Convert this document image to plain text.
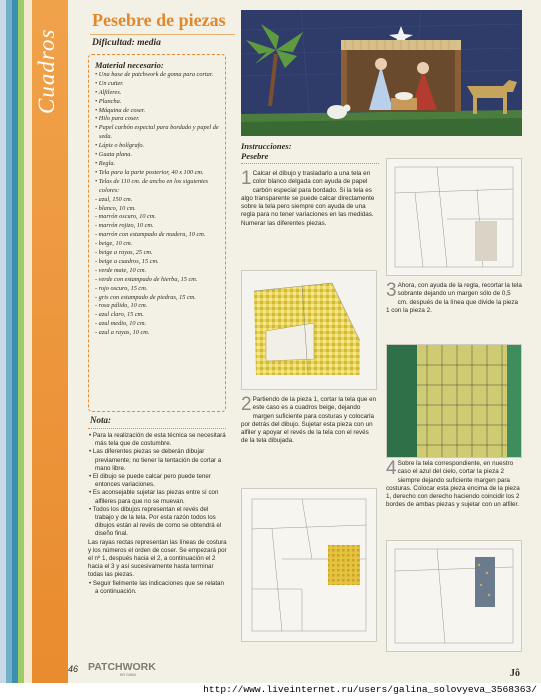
Cuadros
Pesebre de piezas
Dificultad: media
Material necesario:
• Una base de patchwork de goma para cortar.
• Un cutter.
• Alfileres.
• Plancha.
• Máquina de coser.
• Hilo para coser.
• Papel carbón especial para bordado y papel de seda.
• Lápiz o bolígrafo.
• Guata plana.
• Regla.
• Tela para la parte posterior, 40 x 100 cm.
• Telas de 110 cm. de ancho en los siguientes colores:
- azul, 150 cm.
- blanco, 10 cm.
- marrón oscuro, 10 cm.
- marrón rojizo, 10 cm.
- marrón con estampado de madera, 10 cm.
- beige, 10 cm.
- beige a rayas, 25 cm.
- beige a cuadros, 15 cm.
- verde mate, 10 cm.
- verde con estampado de hierba, 15 cm.
- rojo oscuro, 15 cm.
- gris con estampado de piedras, 15 cm.
- rosa pálido, 10 cm.
- azul claro, 15 cm.
- azul medio, 10 cm.
- azul a rayas, 10 cm.
Nota:

• Para la realización de esta técnica se necesitará más tela que de costumbre.

• Las diferentes piezas se deberán dibujar previamente; no tiener la tentación de cortar a mano libre.

• El dibujo se puede calcar pero puede tener entonces variaciones.

• Es aconsejable sujetar las piezas entre sí con alfileres para que no se muevan.

• Todos los dibujos representan el revés del trabajo y de la tela. Por esta razón todos los dibujos están al revés de como se obtendrá el diseño final.

Las rayas rectas representan las líneas de costura y los números el orden de coser. Se empezará por el nº 1, después hacia el 2, a continuación el 2 hacia el 3 y así sucesivamente hasta terminar todas las piezas.

• Seguir fielmente las indicaciones que se relatan a continuación.

Instrucciones:
Pesebre
1 Calcar el dibujo y trasladarlo a una tela en color blanco delgada con ayuda de papel carbón especial para bordado. Si la tela es algo transparente se puede calcar directamente sobre la tela pero siempre con ayuda de una regla para no tener variaciones en las medidas. Numerar las diferentes piezas.
2 Partiendo de la pieza 1, cortar la tela que en este caso es a cuadros beige, dejando margen suficiente para costuras y colocarla por detrás del dibujo. Sujetar esta pieza con un alfiler y apoyar el revés de la tela con el revés de la tela dibujada.
3 Ahora, con ayuda de la regla, recortar la tela sobrante dejando un margen sólo de 0,5 cm. después de la línea que divide la pieza 1 con la pieza 2.
4 Sobre la tela correspondiente, en nuestro caso el azul del cielo, cortar la pieza 2 siempre dejando suficiente margen para costuras. Colocar esta pieza encima de la pieza 1, derecho con derecho haciendo coincidir los 2 bordes de ambas piezas y sujetar con un alfiler.
46 PATCHWORK
en casa	Jô
http://www.liveinternet.ru/users/galina_solovyeva_3568363/
